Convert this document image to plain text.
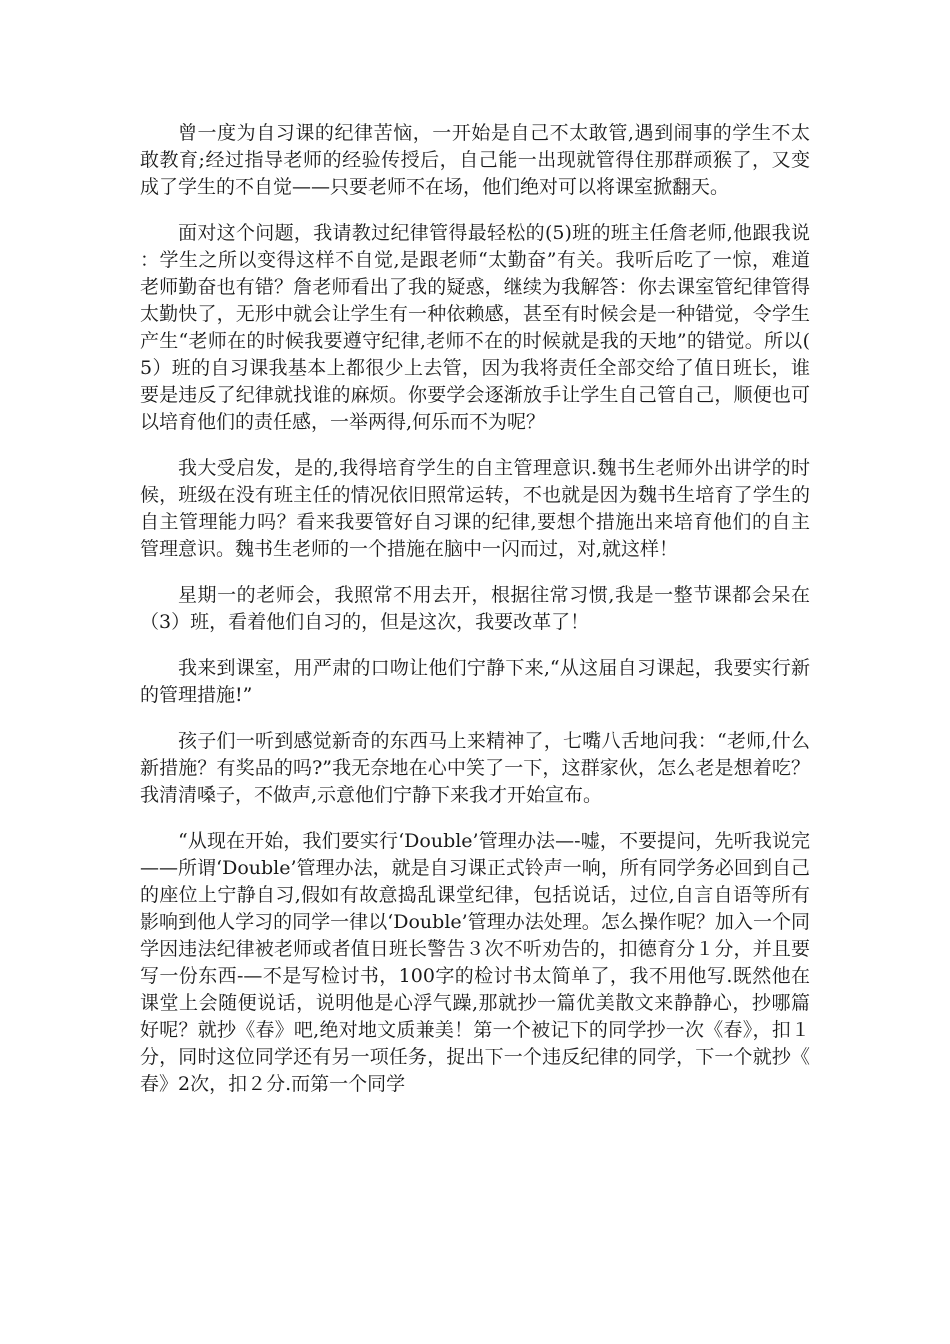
曾一度为自习课的纪律苦恼，一开始是自己不太敢管,遇到闹事的学生不太敢教育;经过指导老师的经验传授后，自己能一出现就管得住那群顽猴了，又变成了学生的不自觉——只要老师不在场，他们绝对可以将课室掀翻天。

面对这个问题，我请教过纪律管得最轻松的(5)班的班主任詹老师,他跟我说：学生之所以变得这样不自觉,是跟老师“太勤奋”有关。我听后吃了一惊，难道老师勤奋也有错？詹老师看出了我的疑惑，继续为我解答：你去课室管纪律管得太勤快了，无形中就会让学生有一种依赖感，甚至有时候会是一种错觉，令学生产生“老师在的时候我要遵守纪律,老师不在的时候就是我的天地”的错觉。所以(5）班的自习课我基本上都很少上去管，因为我将责任全部交给了值日班长，谁要是违反了纪律就找谁的麻烦。你要学会逐渐放手让学生自己管自己，顺便也可以培育他们的责任感，一举两得,何乐而不为呢？

我大受启发，是的,我得培育学生的自主管理意识.魏书生老师外出讲学的时候，班级在没有班主任的情况依旧照常运转，不也就是因为魏书生培育了学生的自主管理能力吗？看来我要管好自习课的纪律,要想个措施出来培育他们的自主管理意识。魏书生老师的一个措施在脑中一闪而过，对,就这样！

星期一的老师会，我照常不用去开，根据往常习惯,我是一整节课都会呆在（3）班，看着他们自习的，但是这次，我要改革了！

我来到课室，用严肃的口吻让他们宁静下来,“从这届自习课起，我要实行新的管理措施!”

孩子们一听到感觉新奇的东西马上来精神了，七嘴八舌地问我：“老师,什么新措施？有奖品的吗?”我无奈地在心中笑了一下，这群家伙，怎么老是想着吃？我清清嗓子，不做声,示意他们宁静下来我才开始宣布。

“从现在开始，我们要实行‘Double’管理办法—-嘘，不要提问，先听我说完——所谓‘Double’管理办法，就是自习课正式铃声一响，所有同学务必回到自己的座位上宁静自习,假如有故意捣乱课堂纪律，包括说话，过位,自言自语等所有影响到他人学习的同学一律以‘Double’管理办法处理。怎么操作呢？加入一个同学因违法纪律被老师或者值日班长警告３次不听劝告的，扣德育分１分，并且要写一份东西-—不是写检讨书，100字的检讨书太简单了，我不用他写.既然他在课堂上会随便说话，说明他是心浮气躁,那就抄一篇优美散文来静静心，抄哪篇好呢？就抄《春》吧,绝对地文质兼美！第一个被记下的同学抄一次《春》，扣１分，同时这位同学还有另一项任务，捉出下一个违反纪律的同学，下一个就抄《春》2次，扣２分.而第一个同学
